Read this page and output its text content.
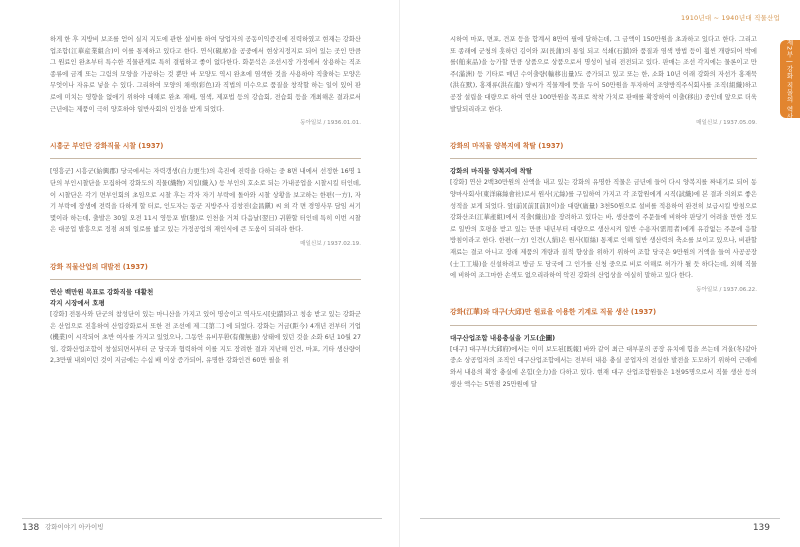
하게 한 후 지방비 보조를 얻어 실지 지도에 관한 설비를 하여 당업자의 공동이익증진에 진력하였고 현재는 강화산업조합(江華産業組合)이 이를 통제하고 있다고 한다. 연식(硯席)을 공중에서 현상지정지로 되어 있는 곳인 만큼 그 원료인 완초부터 특수한 직물관계로 특히 결핍하고 좋이 없다한다. 화문석은 조선시장 가정에서 상용하는 직조 종류에 금계 또는 그림의 모양을 가공하는 것 뿐만 바 모양도 역시 완초에 염색한 것을 사용하야 직출하는 모양은 무엇이나 자유로 넣을 수 있다. 그리하여 모양의 채색(彩色)과 직법의 미수으로 품질을 창작할 하는 일이 있어 판로에 미치는 영향을 없애기 위하야 대해로 완초 재배, 염색, 제포법 등의 강습회, 전습회 등을 개최해온 결과로서 근년에는 제품이 극히 양호하야 일반사회의 인정을 받게 되었다.

동아일보 / 1936.01.01.
시흥군 부인단 강화직물 시찰 (1937)

[영흥군] 시흥군(始興郡) 당국에서는 자력갱생(自力更生)의 촉진에 진력을 다하는 중 8면 내에서 선정한 16명 1단의 부인시찰단을 모집하여 강화도의 직물(織物) 지입(織入) 등 부인의 호소로 되는 가내공업을 시찰시킬 터인데, 이 시찰단은 각기 면부인회의 초임으로 시찰 후는 각자 자기 부락에 돌아와 시찰 상황을 보고하는 한편(一方), 자기 부락에 장생에 전력을 다하게 할 터로, 인도자는 동군 지방주사 김창진(金昌鎭) 씨 외 각 면 경영사무 담임 서기 몇이라 하는데, 출발은 30일 오전 11시 영등포 발(發)로 인천을 거쳐 다음날(翌日) 귀환할 터인데 특히 이번 시찰은 대공업 발흥으로 정점 쇠퇴 일로를 밟고 있는 가정공업의 재인식에 큰 도움이 되리라 한다.

매일신보 / 1937.02.19.
강화 직물산업의 대발전 (1937)
연산 백만원 목표로 강화직물 대활천
각지 시장에서 호평

[강화] 전통사와 단군의 참성단이 있는 마니산을 가지고 있어 명승이고 역사도시[史蹟]라고 칭송 받고 있는 강화군은 산업으로 진흥하여 산업강화로서 또한 전 조선에 제二[第二] 에 되었다. 강화는 거금(距今) 4개년 전부터 기업(機業)이 시작되어 초반 여사를 가지고 있었으나, 그동안 유비무환(有備無患) 상태에 있던 것을 소화 6년 10월 27일, 강화산업조합이 창설되면서부터 군 당국과 협력하여 이를 지도 장려한 결과 지난해 인견, 마포, 기타 생산량이 2,3만필 내외이던 것이 지금에는 수십 배 이상 증가되어, 유명한 강화인견 60만 필을 위

138 강화이야기 아카이빙
1910년대 ~ 1940년대 직물산업
제2부 | 강화 직물의 역사

시하여 마포, 면포, 견포 등을 합계서 8만여 필에 달하는데, 그 금액이 150만원을 초과하고 있다고 한다. 그리고 또 종래에 군청의 훗하던 김이와 포(長蒲)의 통일 되고 석쇄(石鎖)와 품질과 염색 방법 등이 훨씬 개량되어 박에를(舶來品)을 능가할 만큼 상품으로 상품으로서 명성이 널리 전전되고 있다. 판매는 조선 각지에는 물론이고 만주(滿洲) 등 기타로 매년 수이출량(輸移出量)도 증가되고 있고 또는 한, 소화 10년 이래 강화의 자선가 홍재묵(洪在默), 홍재류(洪在龍) 양씨가 직물계에 뜻을 두어 50만원을 투자하여 조양방직주식회사를 조직(組織)하고 공장 설립을 대량으로 하여 연산 100만원을 목표로 착착 가치로 판매를 확장하여 이출(移出) 중인데 앞으로 더욱 발달되리라고 한다.

매일신보 / 1937.05.09.
강화의 마직물 양복지에 착탈 (1937)
강화의 마직물 양복지에 착탈

[강화] 연산 2백30만원의 산액을 내고 있는 강화의 유명한 직물은 금년에 들어 다시 양복지를 짜내기로 되어 동양마사회사(東洋麻絲會社)로서 원사(元絲)를 구입하여 가지고 각 조합원에게 시직(試織)에 본 결과 의외로 좋은 성적을 보게 되었다. 앞(前)[前][前](이)을 대량(廣量) 3천50원으로 설비를 적용하여 완전히 보급시킬 방침으로 강화산조(江華產組)에서 직출(織出)을 장려하고 있다는 바, 생산품이 주문들에 비하야 판당기 어려울 만한 정도로 일반의 호평을 받고 있는 만큼 내년부터 대량으로 생산시켜 일반 수용자(需用者)에게 유감없는 주문에 응할 방침이라고 한다. 한편(一方) 인견(人絹)은 원사(原絲) 통제로 인해 일반 생산력의 축소를 보이고 있으나, 비관할 재료는 결코 아니고 장래 제품의 개량과 질적 향상을 위하기 위하여 조합 당국은 9만원의 거액을 들여 사공공장(士工工場)을 신설하려고 방금 도 당국에 그 인가를 신청 중으로 비로 이해로 허가가 될 듯 하다는데, 외해 직물에 비하여 조그마한 손색도 없으리라하여 악진 강화의 산업상을 여실히 말하고 있다 한다.

동아일보 / 1937.06.22.
강화(江華)와 대구(大邱)만 원료을 이용한 기계로 직물 생산 (1937)
대구산업조합 내용충실을 기도(企圖)

[대구] 대구부(大邱府)에서는 이미 보도된[既報] 바와 같이 최근 대부분의 공장 유치에 힘을 쓰는데 겨울(冬)같아 중소 상공업자의 조직인 대구산업조합에서는 전부터 내용 충실 공업자의 전실한 발전을 도모하기 위하여 근래에 와서 내용의 확장 충실에 온힘(全力)을 다하고 있다. 현재 대구 산업조합원들은 1천95명으로서 직물 생산 등의 생산 액수는 5만점 25만원에 달

139
